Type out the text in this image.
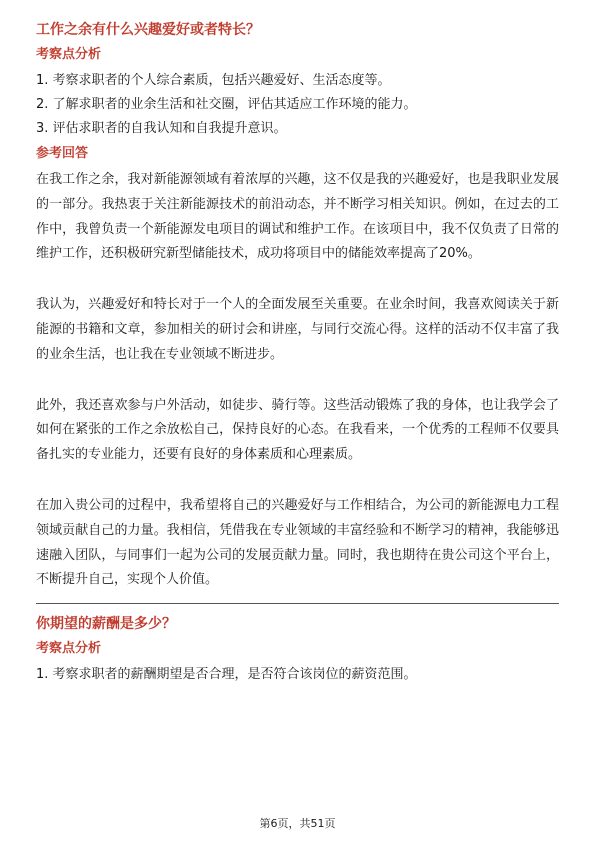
工作之余有什么兴趣爱好或者特长？
考察点分析

1. 考察求职者的个人综合素质，包括兴趣爱好、生活态度等。

2. 了解求职者的业余生活和社交圈，评估其适应工作环境的能力。

3. 评估求职者的自我认知和自我提升意识。

参考回答

在我工作之余，我对新能源领域有着浓厚的兴趣，这不仅是我的兴趣爱好，也是我职业发展的一部分。我热衷于关注新能源技术的前沿动态，并不断学习相关知识。例如，在过去的工作中，我曾负责一个新能源发电项目的调试和维护工作。在该项目中，我不仅负责了日常的维护工作，还积极研究新型储能技术，成功将项目中的储能效率提高了20%。

我认为，兴趣爱好和特长对于一个人的全面发展至关重要。在业余时间，我喜欢阅读关于新能源的书籍和文章，参加相关的研讨会和讲座，与同行交流心得。这样的活动不仅丰富了我的业余生活，也让我在专业领域不断进步。

此外，我还喜欢参与户外活动，如徒步、骑行等。这些活动锻炼了我的身体，也让我学会了如何在紧张的工作之余放松自己，保持良好的心态。在我看来，一个优秀的工程师不仅要具备扎实的专业能力，还要有良好的身体素质和心理素质。

在加入贵公司的过程中，我希望将自己的兴趣爱好与工作相结合，为公司的新能源电力工程领域贡献自己的力量。我相信，凭借我在专业领域的丰富经验和不断学习的精神，我能够迅速融入团队，与同事们一起为公司的发展贡献力量。同时，我也期待在贵公司这个平台上，不断提升自己，实现个人价值。

你期望的薪酬是多少？
考察点分析

1. 考察求职者的薪酬期望是否合理，是否符合该岗位的薪资范围。

第6页，共51页
